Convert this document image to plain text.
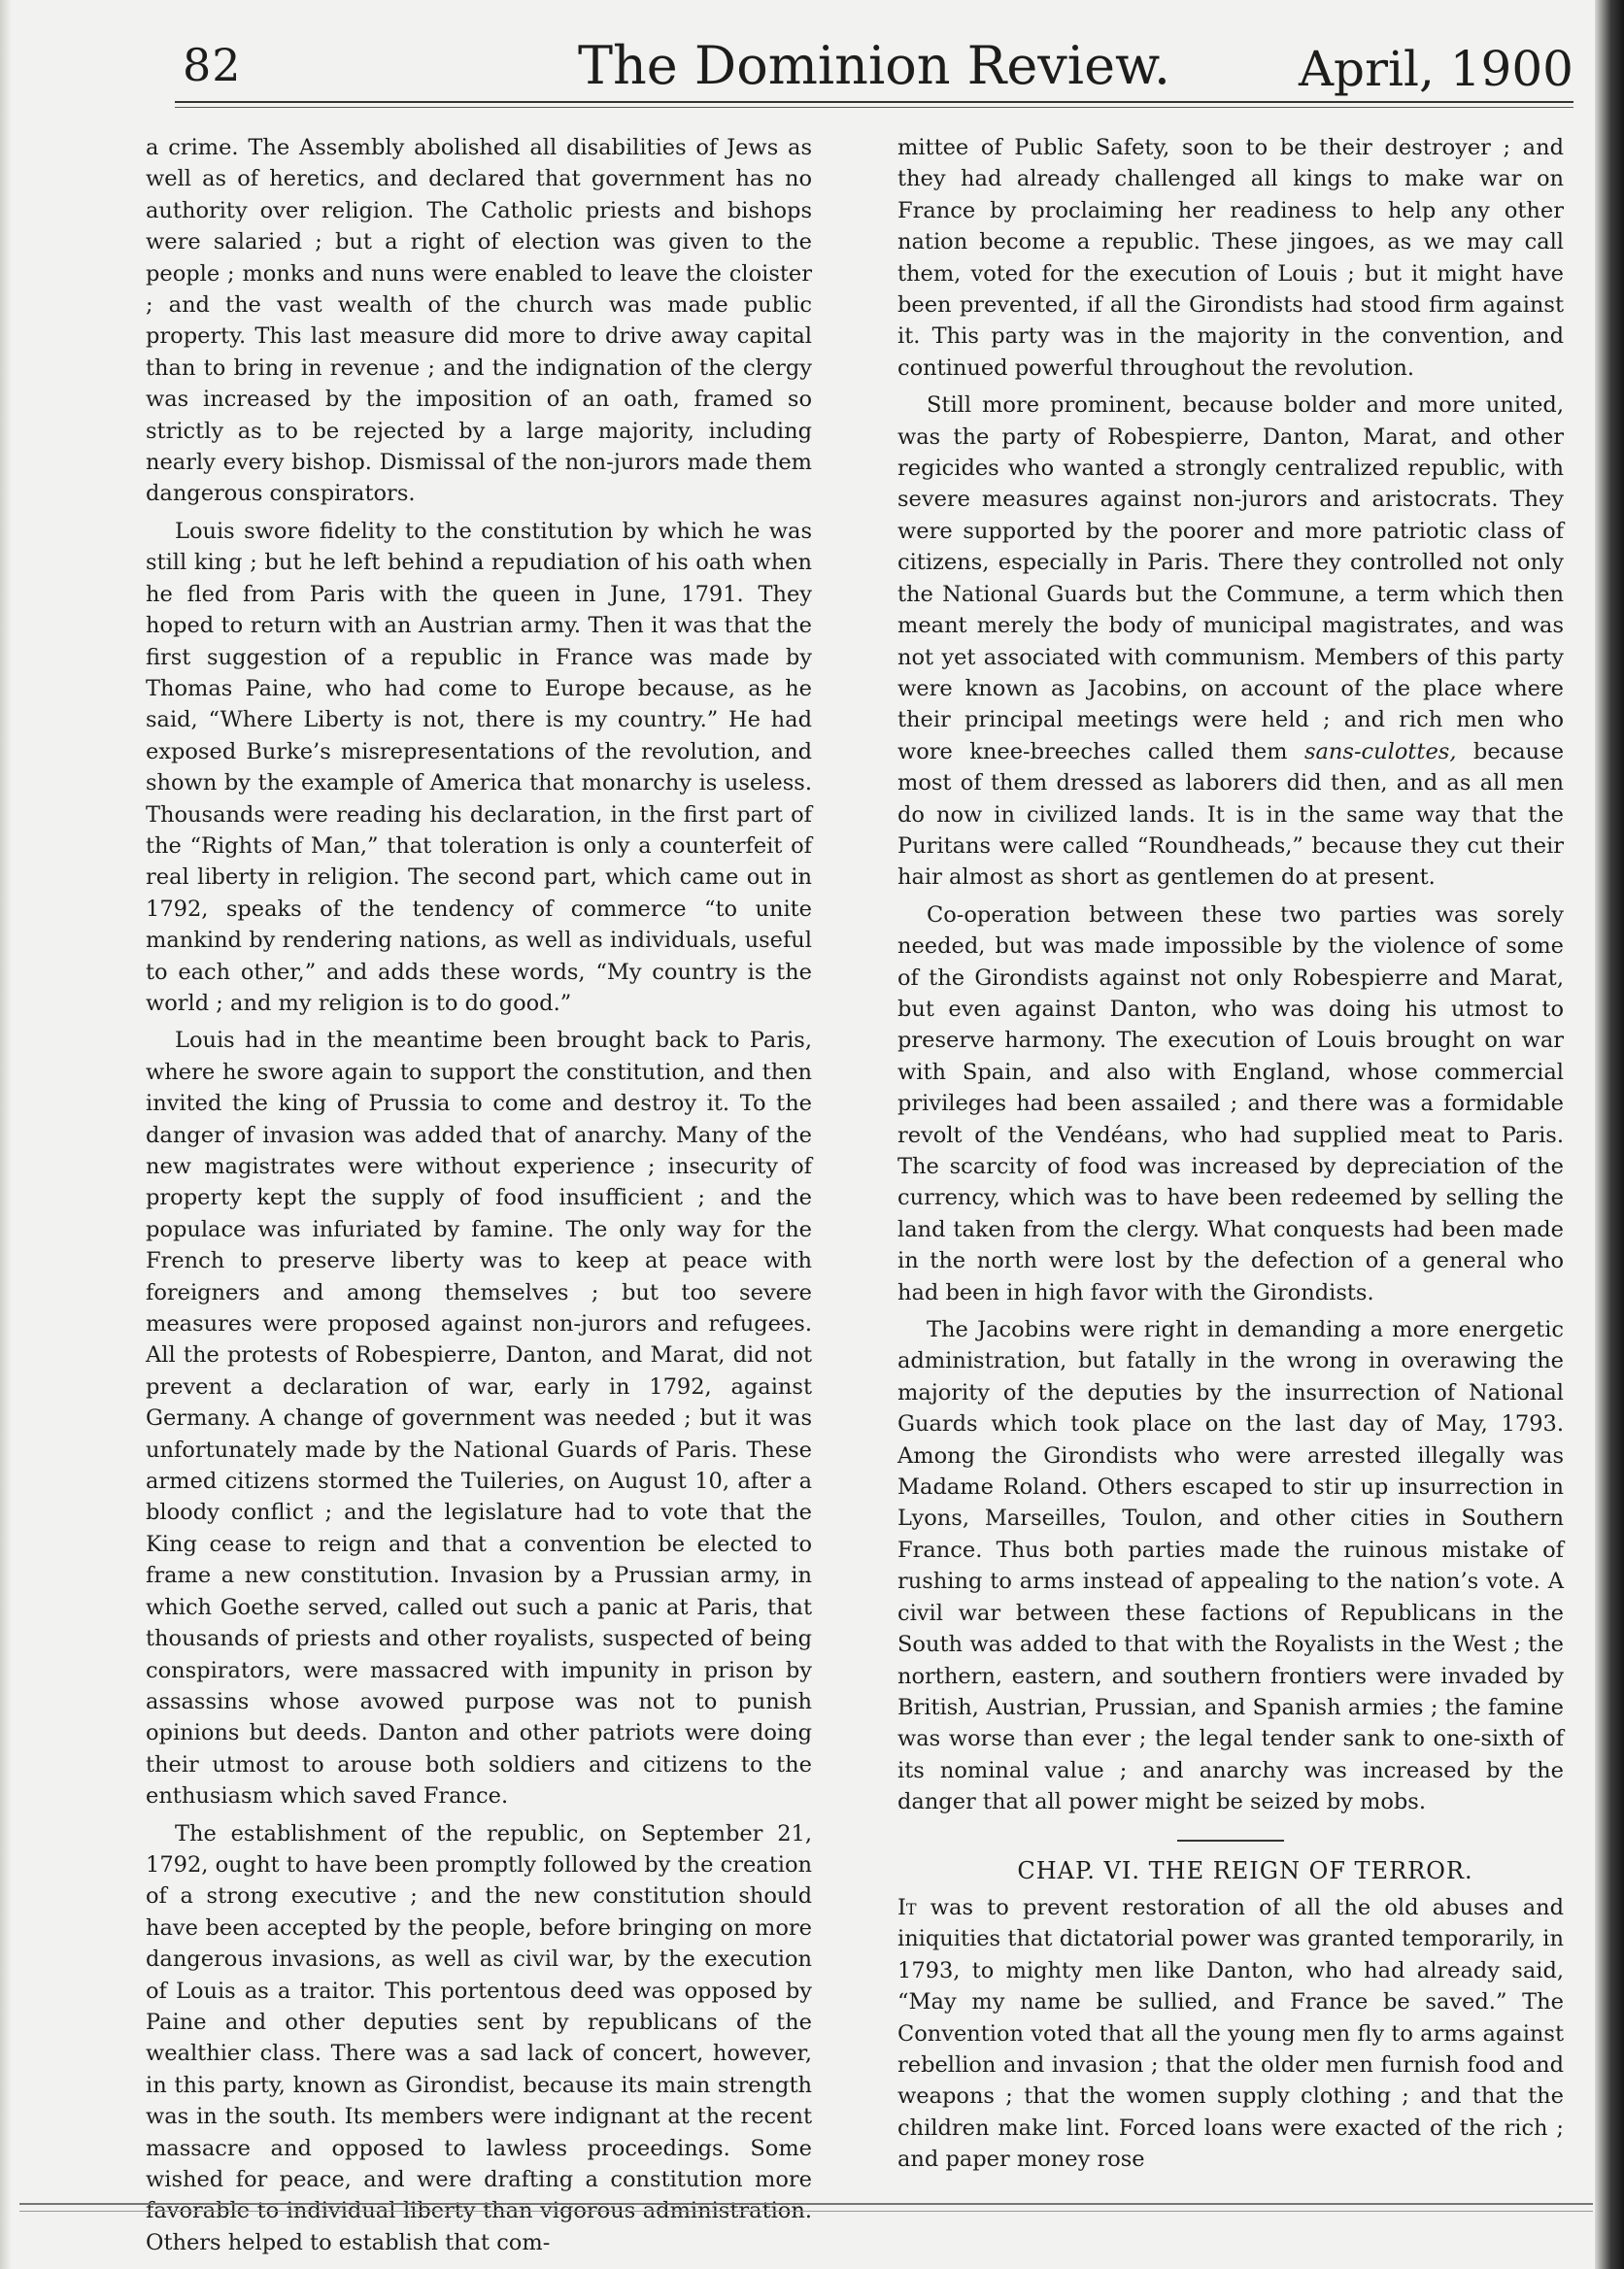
82	The Dominion Review.	April, 1900

a crime. The Assembly abolished all disabilities of Jews as well as of heretics, and declared that government has no authority over religion. The Catholic priests and bishops were salaried ; but a right of election was given to the people ; monks and nuns were enabled to leave the cloister ; and the vast wealth of the church was made public property. This last measure did more to drive away capital than to bring in revenue ; and the indignation of the clergy was increased by the imposition of an oath, framed so strictly as to be rejected by a large majority, including nearly every bishop. Dismissal of the non-jurors made them dangerous conspirators.

Louis swore fidelity to the constitution by which he was still king ; but he left behind a repudiation of his oath when he fled from Paris with the queen in June, 1791. They hoped to return with an Austrian army. Then it was that the first suggestion of a republic in France was made by Thomas Paine, who had come to Europe because, as he said, “Where Liberty is not, there is my country.” He had exposed Burke’s misrepresentations of the revolution, and shown by the example of America that monarchy is useless. Thousands were reading his declaration, in the first part of the “Rights of Man,” that toleration is only a counterfeit of real liberty in religion. The second part, which came out in 1792, speaks of the tendency of commerce “to unite mankind by rendering nations, as well as individuals, useful to each other,” and adds these words, “My country is the world ; and my religion is to do good.”

Louis had in the meantime been brought back to Paris, where he swore again to support the constitution, and then invited the king of Prussia to come and destroy it. To the danger of invasion was added that of anarchy. Many of the new magistrates were without experience ; insecurity of property kept the supply of food insufficient ; and the populace was infuriated by famine. The only way for the French to preserve liberty was to keep at peace with foreigners and among themselves ; but too severe measures were proposed against non-jurors and refugees. All the protests of Robespierre, Danton, and Marat, did not prevent a declaration of war, early in 1792, against Germany. A change of government was needed ; but it was unfortunately made by the National Guards of Paris. These armed citizens stormed the Tuileries, on August 10, after a bloody conflict ; and the legislature had to vote that the King cease to reign and that a convention be elected to frame a new constitution. Invasion by a Prussian army, in which Goethe served, called out such a panic at Paris, that thousands of priests and other royalists, suspected of being conspirators, were massacred with impunity in prison by assassins whose avowed purpose was not to punish opinions but deeds. Danton and other patriots were doing their utmost to arouse both soldiers and citizens to the enthusiasm which saved France.

The establishment of the republic, on September 21, 1792, ought to have been promptly followed by the creation of a strong executive ; and the new constitution should have been accepted by the people, before bringing on more dangerous invasions, as well as civil war, by the execution of Louis as a traitor. This portentous deed was opposed by Paine and other deputies sent by republicans of the wealthier class. There was a sad lack of concert, however, in this party, known as Girondist, because its main strength was in the south. Its members were indignant at the recent massacre and opposed to lawless proceedings. Some wished for peace, and were drafting a constitution more favorable to individual liberty than vigorous administration. Others helped to establish that com-

mittee of Public Safety, soon to be their destroyer ; and they had already challenged all kings to make war on France by proclaiming her readiness to help any other nation become a republic. These jingoes, as we may call them, voted for the execution of Louis ; but it might have been prevented, if all the Girondists had stood firm against it. This party was in the majority in the convention, and continued powerful throughout the revolution.

Still more prominent, because bolder and more united, was the party of Robespierre, Danton, Marat, and other regicides who wanted a strongly centralized republic, with severe measures against non-jurors and aristocrats. They were supported by the poorer and more patriotic class of citizens, especially in Paris. There they controlled not only the National Guards but the Commune, a term which then meant merely the body of municipal magistrates, and was not yet associated with communism. Members of this party were known as Jacobins, on account of the place where their principal meetings were held ; and rich men who wore knee-breeches called them sans-culottes, because most of them dressed as laborers did then, and as all men do now in civilized lands. It is in the same way that the Puritans were called “Roundheads,” because they cut their hair almost as short as gentlemen do at present.

Co-operation between these two parties was sorely needed, but was made impossible by the violence of some of the Girondists against not only Robespierre and Marat, but even against Danton, who was doing his utmost to preserve harmony. The execution of Louis brought on war with Spain, and also with England, whose commercial privileges had been assailed ; and there was a formidable revolt of the Vendéans, who had supplied meat to Paris. The scarcity of food was increased by depreciation of the currency, which was to have been redeemed by selling the land taken from the clergy. What conquests had been made in the north were lost by the defection of a general who had been in high favor with the Girondists.

The Jacobins were right in demanding a more energetic administration, but fatally in the wrong in overawing the majority of the deputies by the insurrection of National Guards which took place on the last day of May, 1793. Among the Girondists who were arrested illegally was Madame Roland. Others escaped to stir up insurrection in Lyons, Marseilles, Toulon, and other cities in Southern France. Thus both parties made the ruinous mistake of rushing to arms instead of appealing to the nation’s vote. A civil war between these factions of Republicans in the South was added to that with the Royalists in the West ; the northern, eastern, and southern frontiers were invaded by British, Austrian, Prussian, and Spanish armies ; the famine was worse than ever ; the legal tender sank to one-sixth of its nominal value ; and anarchy was increased by the danger that all power might be seized by mobs.

CHAP. VI. THE REIGN OF TERROR.

It was to prevent restoration of all the old abuses and iniquities that dictatorial power was granted temporarily, in 1793, to mighty men like Danton, who had already said, “May my name be sullied, and France be saved.” The Convention voted that all the young men fly to arms against rebellion and invasion ; that the older men furnish food and weapons ; that the women supply clothing ; and that the children make lint. Forced loans were exacted of the rich ; and paper money rose
